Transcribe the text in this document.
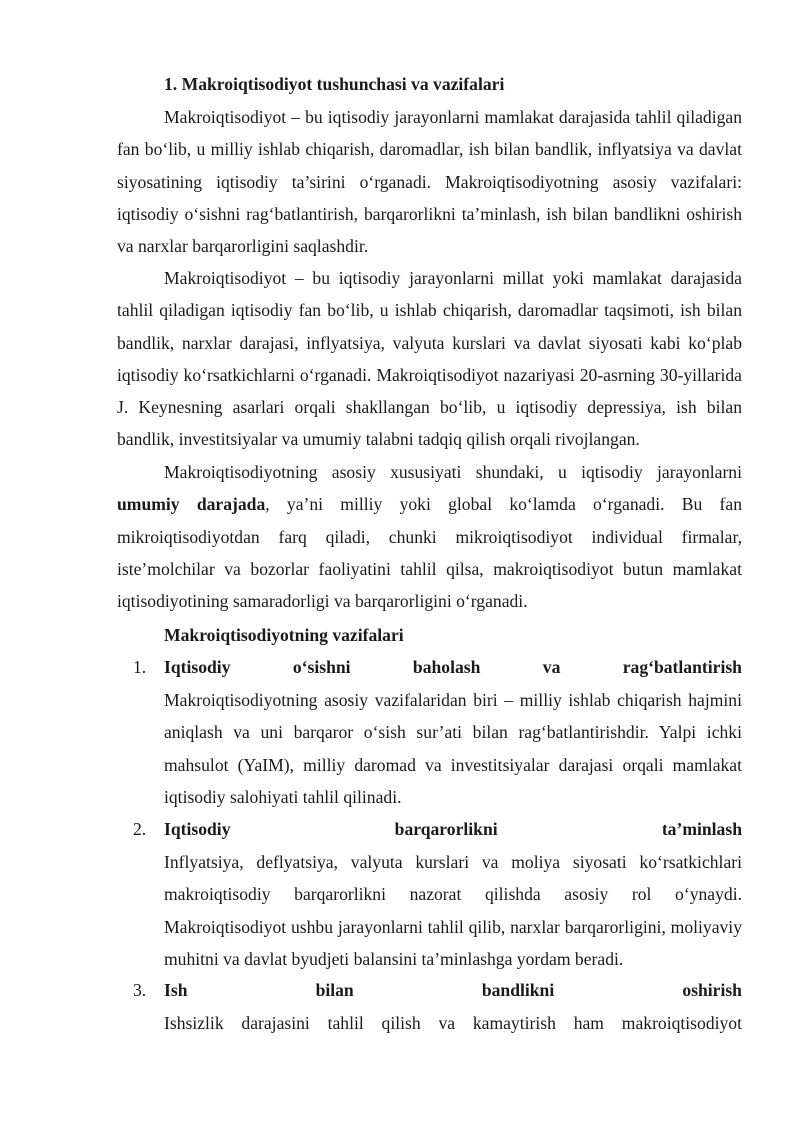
1. Makroiqtisodiyot tushunchasi va vazifalari

Makroiqtisodiyot – bu iqtisodiy jarayonlarni mamlakat darajasida tahlil qiladigan fan bo‘lib, u milliy ishlab chiqarish, daromadlar, ish bilan bandlik, inflyatsiya va davlat siyosatining iqtisodiy ta’sirini o‘rganadi. Makroiqtisodiyotning asosiy vazifalari: iqtisodiy o‘sishni rag‘batlantirish, barqarorlikni ta’minlash, ish bilan bandlikni oshirish va narxlar barqarorligini saqlashdir.

Makroiqtisodiyot – bu iqtisodiy jarayonlarni millat yoki mamlakat darajasida tahlil qiladigan iqtisodiy fan bo‘lib, u ishlab chiqarish, daromadlar taqsimoti, ish bilan bandlik, narxlar darajasi, inflyatsiya, valyuta kurslari va davlat siyosati kabi ko‘plab iqtisodiy ko‘rsatkichlarni o‘rganadi. Makroiqtisodiyot nazariyasi 20-asrning 30-yillarida J. Keynesning asarlari orqali shakllangan bo‘lib, u iqtisodiy depressiya, ish bilan bandlik, investitsiyalar va umumiy talabni tadqiq qilish orqali rivojlangan.

Makroiqtisodiyotning asosiy xususiyati shundaki, u iqtisodiy jarayonlarni umumiy darajada, ya’ni milliy yoki global ko‘lamda o‘rganadi. Bu fan mikroiqtisodiyotdan farq qiladi, chunki mikroiqtisodiyot individual firmalar, iste’molchilar va bozorlar faoliyatini tahlil qilsa, makroiqtisodiyot butun mamlakat iqtisodiyotining samaradorligi va barqarorligini o‘rganadi.

Makroiqtisodiyotning vazifalari
1. Iqtisodiy	o‘sishni	baholash	va	rag‘batlantirish

Makroiqtisodiyotning asosiy vazifalaridan biri – milliy ishlab chiqarish hajmini aniqlash va uni barqaror o‘sish sur’ati bilan rag‘batlantirishdir. Yalpi ichki mahsulot (YaIM), milliy daromad va investitsiyalar darajasi orqali mamlakat iqtisodiy salohiyati tahlil qilinadi.

2. Iqtisodiy	barqarorlikni	ta’minlash

Inflyatsiya, deflyatsiya, valyuta kurslari va moliya siyosati ko‘rsatkichlari makroiqtisodiy barqarorlikni nazorat qilishda asosiy rol o‘ynaydi. Makroiqtisodiyot ushbu jarayonlarni tahlil qilib, narxlar barqarorligini, moliyaviy muhitni va davlat byudjeti balansini ta’minlashga yordam beradi.

3. Ish	bilan	bandlikni	oshirish

Ishsizlik darajasini tahlil qilish va kamaytirish ham makroiqtisodiyot
